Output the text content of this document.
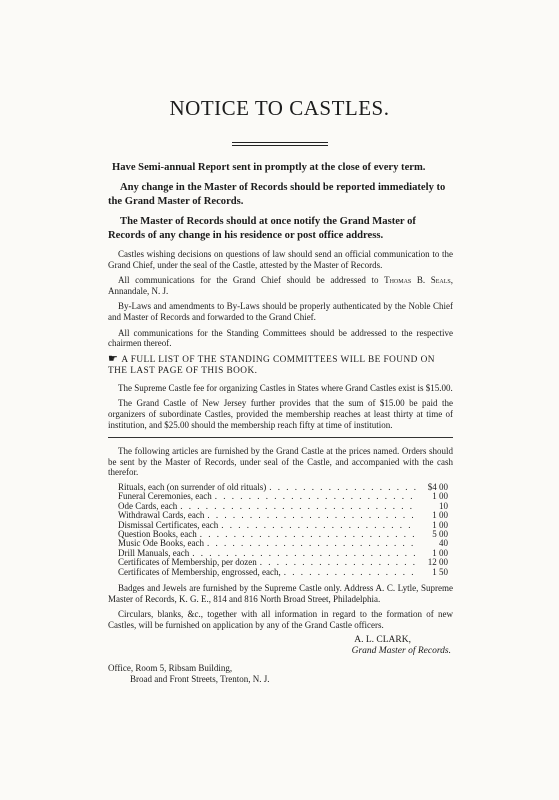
NOTICE TO CASTLES.

Have Semi-annual Report sent in promptly at the close of every term.

Any change in the Master of Records should be reported immediately to the Grand Master of Records.

The Master of Records should at once notify the Grand Master of Records of any change in his residence or post office address.

Castles wishing decisions on questions of law should send an official communication to the Grand Chief, under the seal of the Castle, attested by the Master of Records.

All communications for the Grand Chief should be addressed to Thomas B. Seals, Annandale, N. J.

By-Laws and amendments to By-Laws should be properly authenticated by the Noble Chief and Master of Records and forwarded to the Grand Chief.

All communications for the Standing Committees should be addressed to the respective chairmen thereof.

☛ A FULL LIST OF THE STANDING COMMITTEES WILL BE FOUND ON THE LAST PAGE OF THIS BOOK.

The Supreme Castle fee for organizing Castles in States where Grand Castles exist is $15.00.

The Grand Castle of New Jersey further provides that the sum of $15.00 be paid the organizers of subordinate Castles, provided the membership reaches at least thirty at time of institution, and $25.00 should the membership reach fifty at time of institution.

The following articles are furnished by the Grand Castle at the prices named. Orders should be sent by the Master of Records, under seal of the Castle, and accompanied with the cash therefor.

Rituals, each (on surrender of old rituals) . . .	$4 00
Funeral Ceremonies, each . . .	1 00
Ode Cards, each . . .	10
Withdrawal Cards, each . . .	1 00
Dismissal Certificates, each . . .	1 00
Question Books, each . . .	5 00
Music Ode Books, each . . .	40
Drill Manuals, each . . .	1 00
Certificates of Membership, per dozen . . .	12 00
Certificates of Membership, engrossed, each, . . .	1 50

Badges and Jewels are furnished by the Supreme Castle only. Address A. C. Lytle, Supreme Master of Records, K. G. E., 814 and 816 North Broad Street, Philadelphia.

Circulars, blanks, &c., together with all information in regard to the formation of new Castles, will be furnished on application by any of the Grand Castle officers.

A. L. CLARK,
Grand Master of Records.
Office, Room 5, Ribsam Building,
Broad and Front Streets, Trenton, N. J.
